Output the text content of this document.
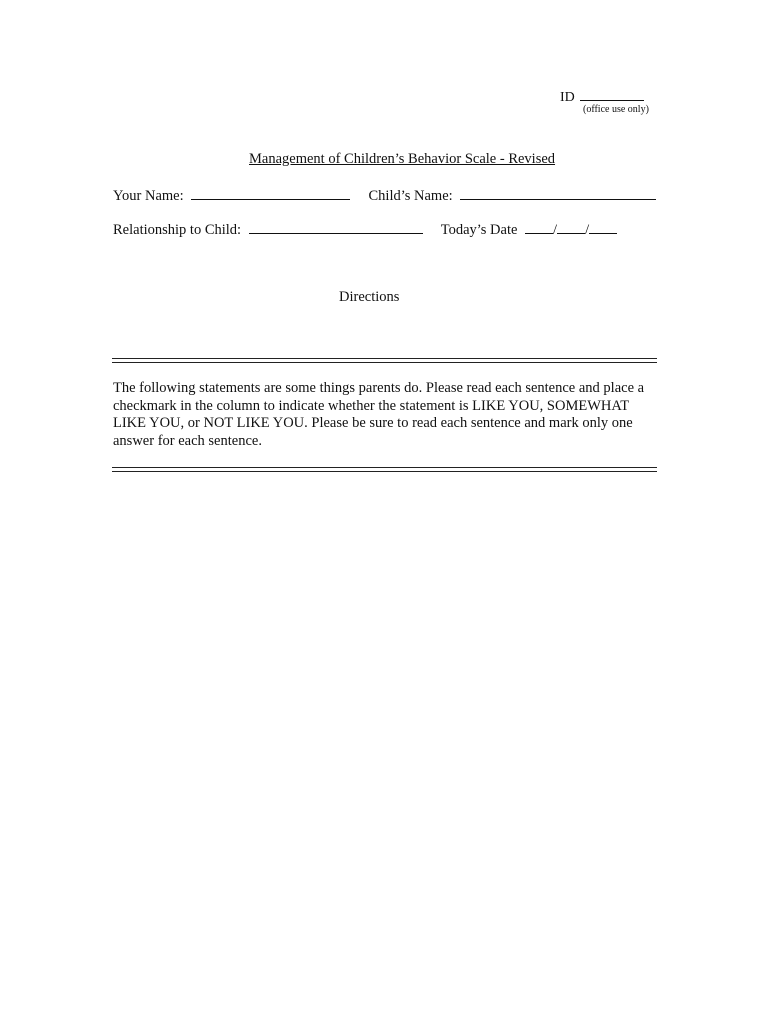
ID
(office use only)
Management of Children’s Behavior Scale - Revised
Your Name:	Child’s Name:
Relationship to Child:	Today’s Date / /
Directions
The following statements are some things parents do. Please read each sentence and place a checkmark in the column to indicate whether the statement is LIKE YOU, SOMEWHAT LIKE YOU, or NOT LIKE YOU. Please be sure to read each sentence and mark only one answer for each sentence.
